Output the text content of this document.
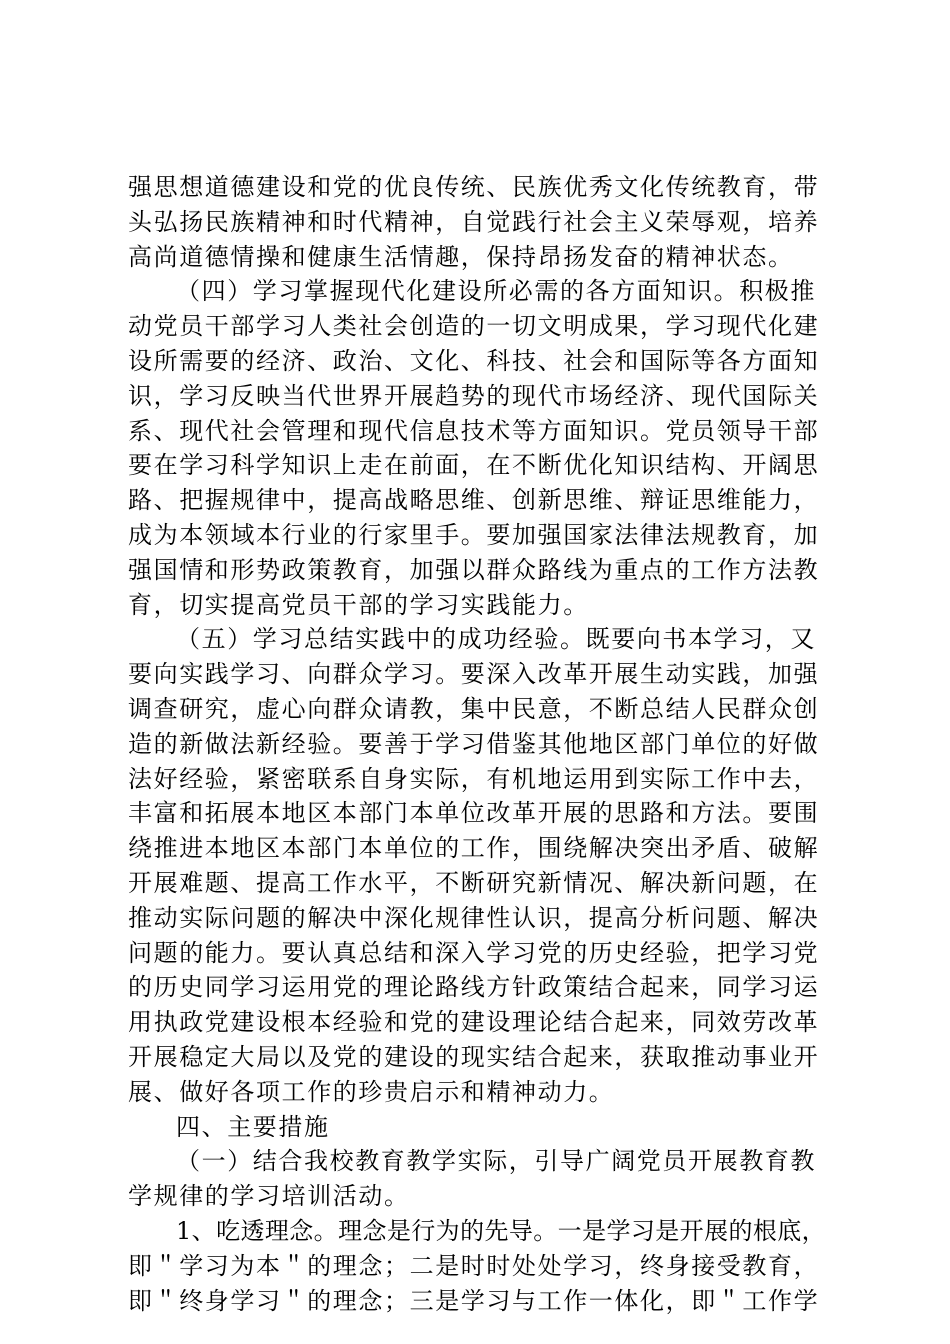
强思想道德建设和党的优良传统、民族优秀文化传统教育，带
头弘扬民族精神和时代精神，自觉践行社会主义荣辱观，培养
高尚道德情操和健康生活情趣，保持昂扬发奋的精神状态。
（四）学习掌握现代化建设所必需的各方面知识。积极推
动党员干部学习人类社会创造的一切文明成果，学习现代化建
设所需要的经济、政治、文化、科技、社会和国际等各方面知
识，学习反映当代世界开展趋势的现代市场经济、现代国际关
系、现代社会管理和现代信息技术等方面知识。党员领导干部
要在学习科学知识上走在前面，在不断优化知识结构、开阔思
路、把握规律中，提高战略思维、创新思维、辩证思维能力，
成为本领域本行业的行家里手。要加强国家法律法规教育，加
强国情和形势政策教育，加强以群众路线为重点的工作方法教
育，切实提高党员干部的学习实践能力。
（五）学习总结实践中的成功经验。既要向书本学习，又
要向实践学习、向群众学习。要深入改革开展生动实践，加强
调查研究，虚心向群众请教，集中民意，不断总结人民群众创
造的新做法新经验。要善于学习借鉴其他地区部门单位的好做
法好经验，紧密联系自身实际，有机地运用到实际工作中去，
丰富和拓展本地区本部门本单位改革开展的思路和方法。要围
绕推进本地区本部门本单位的工作，围绕解决突出矛盾、破解
开展难题、提高工作水平，不断研究新情况、解决新问题，在
推动实际问题的解决中深化规律性认识，提高分析问题、解决
问题的能力。要认真总结和深入学习党的历史经验，把学习党
的历史同学习运用党的理论路线方针政策结合起来，同学习运
用执政党建设根本经验和党的建设理论结合起来，同效劳改革
开展稳定大局以及党的建设的现实结合起来，获取推动事业开
展、做好各项工作的珍贵启示和精神动力。
四、主要措施
（一）结合我校教育教学实际，引导广阔党员开展教育教
学规律的学习培训活动。
1、吃透理念。理念是行为的先导。一是学习是开展的根底，
即＂学习为本＂的理念；二是时时处处学习，终身接受教育，
即＂终身学习＂的理念；三是学习与工作一体化，即＂工作学
